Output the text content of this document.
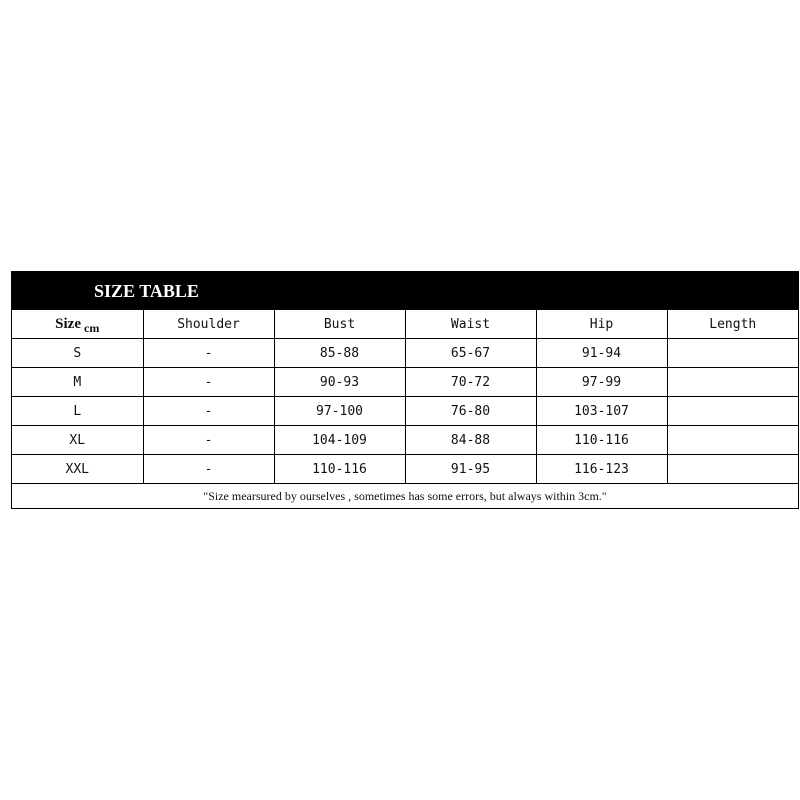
SIZE TABLE
Size $_{cm}$	Shoulder	Bust	Waist	Hip	Length
S	-	85-88	65-67	91-94	
M	-	90-93	70-72	97-99	
L	-	97-100	76-80	103-107	
XL	-	104-109	84-88	110-116	
XXL	-	110-116	91-95	116-123	
"Size mearsured by ourselves , sometimes has some errors, but always within 3cm."					
